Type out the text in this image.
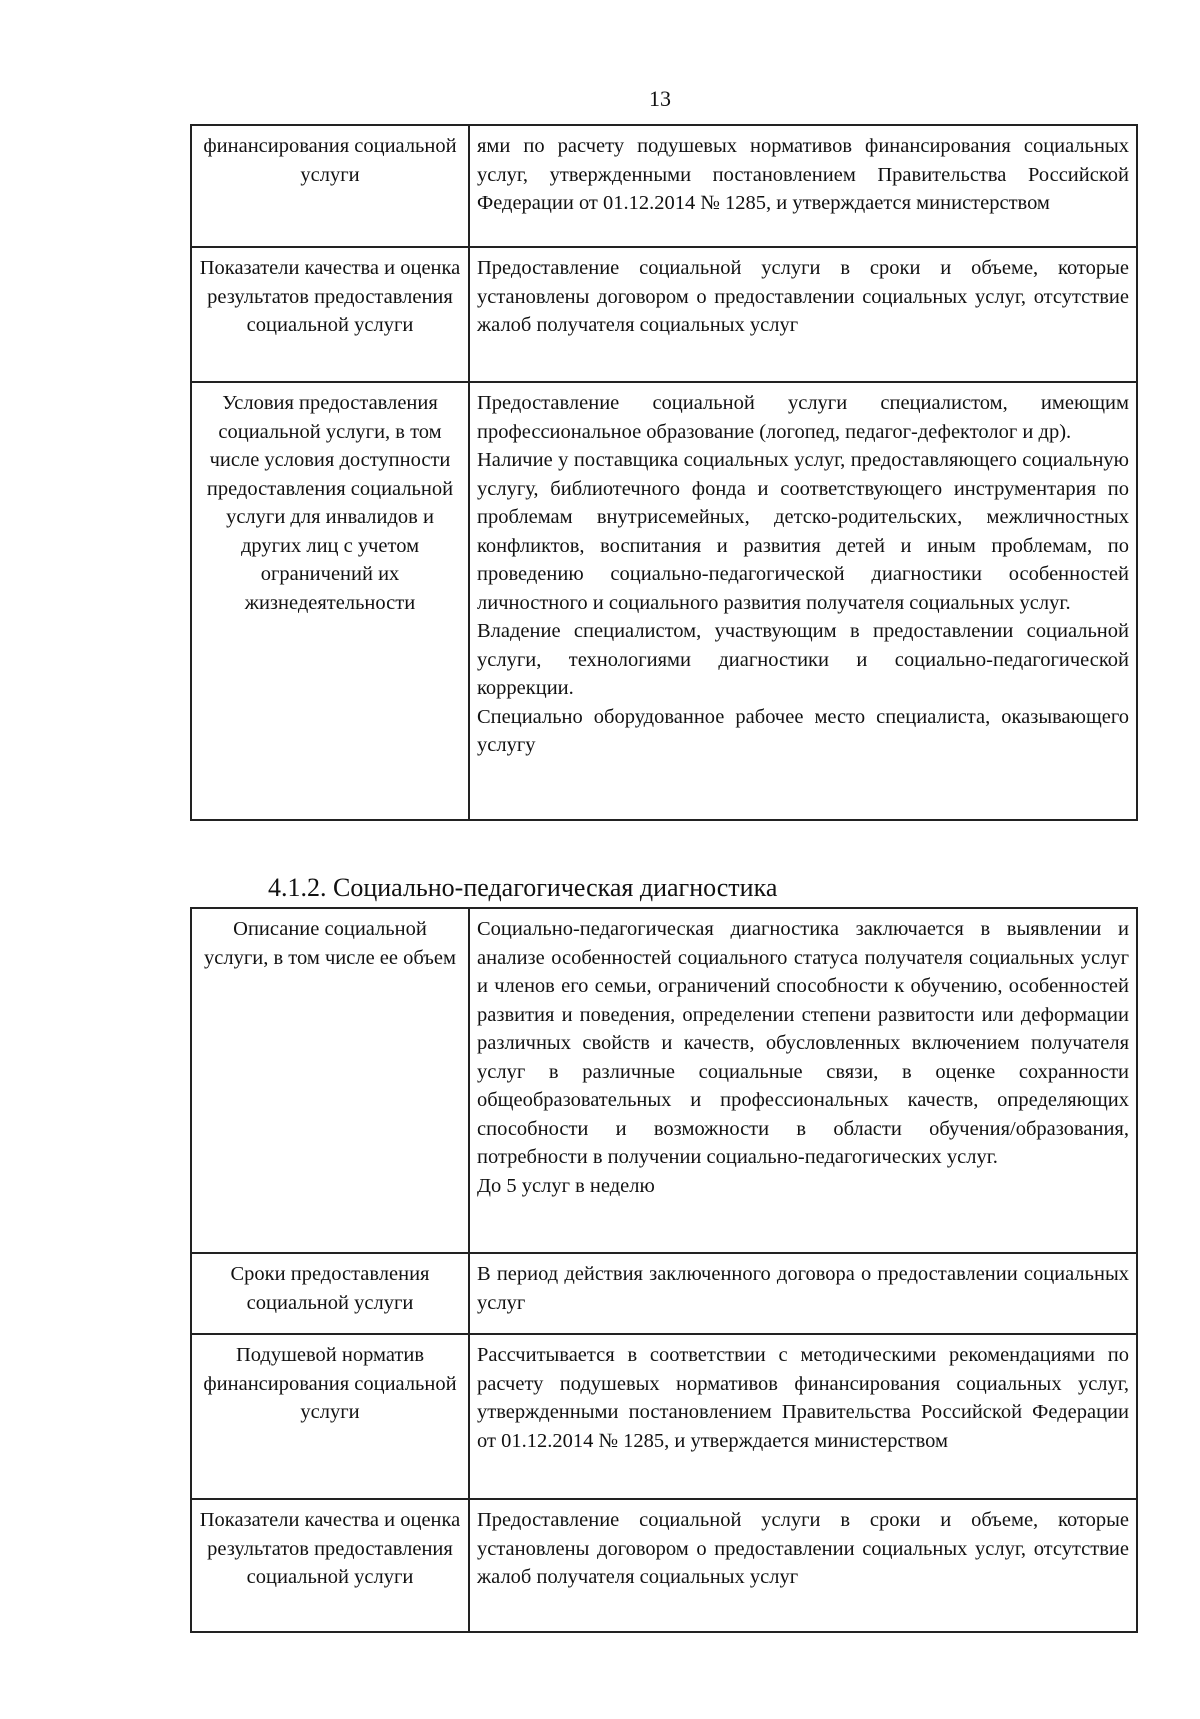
13
финансирования социальной услуги	ями по расчету подушевых нормативов финансирования социальных услуг, утвержденными постановлением Правительства Российской Федерации от 01.12.2014 № 1285, и утверждается министерством

Показатели качества и оценка результатов предоставления социальной услуги	Предоставление социальной услуги в сроки и объеме, которые установлены договором о предоставлении социальных услуг, отсутствие жалоб получателя социальных услуг

Условия предоставления социальной услуги, в том числе условия доступности предоставления социальной услуги для инвалидов и других лиц с учетом ограничений их жизнедеятельности	Предоставление социальной услуги специалистом, имеющим профессиональное образование (логопед, педагог-дефектолог и др).

Наличие у поставщика социальных услуг, предоставляющего социальную услугу, библиотечного фонда и соответствующего инструментария по проблемам внутрисемейных, детско-родительских, межличностных конфликтов, воспитания и развития детей и иным проблемам, по проведению социально-педагогической диагностики особенностей личностного и социального развития получателя социальных услуг.

Владение специалистом, участвующим в предоставлении социальной услуги, технологиями диагностики и социально-педагогической коррекции.

Специально оборудованное рабочее место специалиста, оказывающего услугу

4.1.2. Социально-педагогическая диагностика
Описание социальной услуги, в том числе ее объем	Социально-педагогическая диагностика заключается в выявлении и анализе особенностей социального статуса получателя социальных услуг и членов его семьи, ограничений способности к обучению, особенностей развития и поведения, определении степени развитости или деформации различных свойств и качеств, обусловленных включением получателя услуг в различные социальные связи, в оценке сохранности общеобразовательных и профессиональных качеств, определяющих способности и возможности в области обучения/образования, потребности в получении социально-педагогических услуг.

До 5 услуг в неделю

Сроки предоставления социальной услуги	В период действия заключенного договора о предоставлении социальных услуг

Подушевой норматив финансирования социальной услуги	Рассчитывается в соответствии с методическими рекомендациями по расчету подушевых нормативов финансирования социальных услуг, утвержденными постановлением Правительства Российской Федерации от 01.12.2014 № 1285, и утверждается министерством

Показатели качества и оценка результатов предоставления социальной услуги	Предоставление социальной услуги в сроки и объеме, которые установлены договором о предоставлении социальных услуг, отсутствие жалоб получателя социальных услуг
